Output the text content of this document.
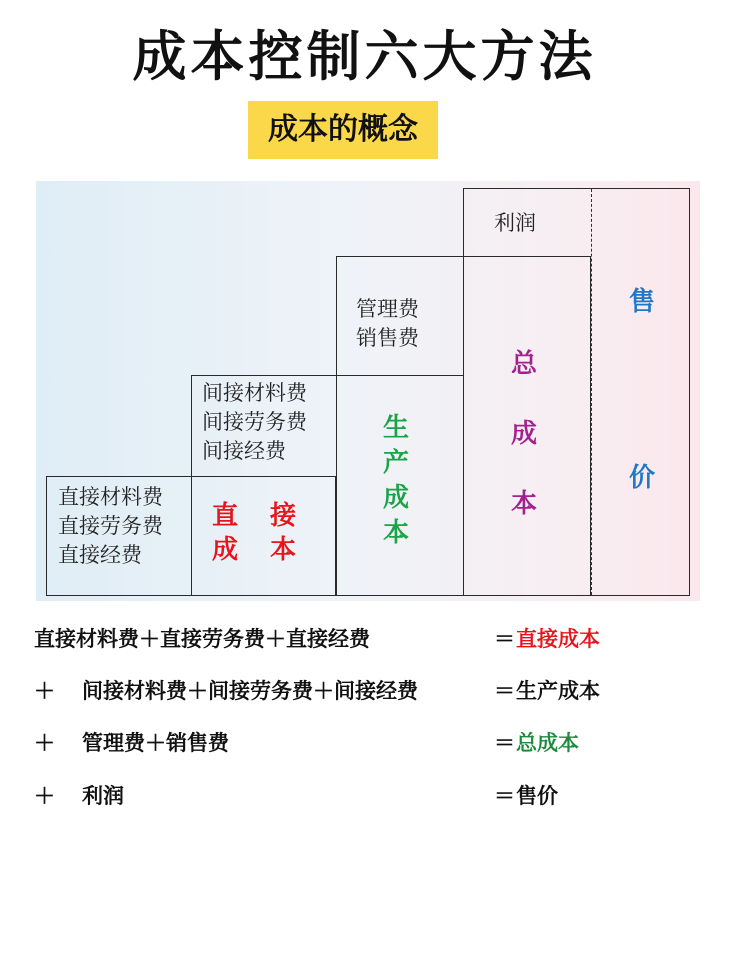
成本控制六大方法
成本的概念
直接材料费
直接劳务费
直接经费
直 接
成 本
间接材料费
间接劳务费
间接经费
生
产
成
本
管理费
销售费
总
成
本
利润
售
价
直接材料费＋直接劳务费＋直接经费	＝ 直接成本
＋ 间接材料费＋间接劳务费＋间接经费	＝ 生产成本
＋ 管理费＋销售费	＝ 总成本
＋ 利润	＝ 售价
